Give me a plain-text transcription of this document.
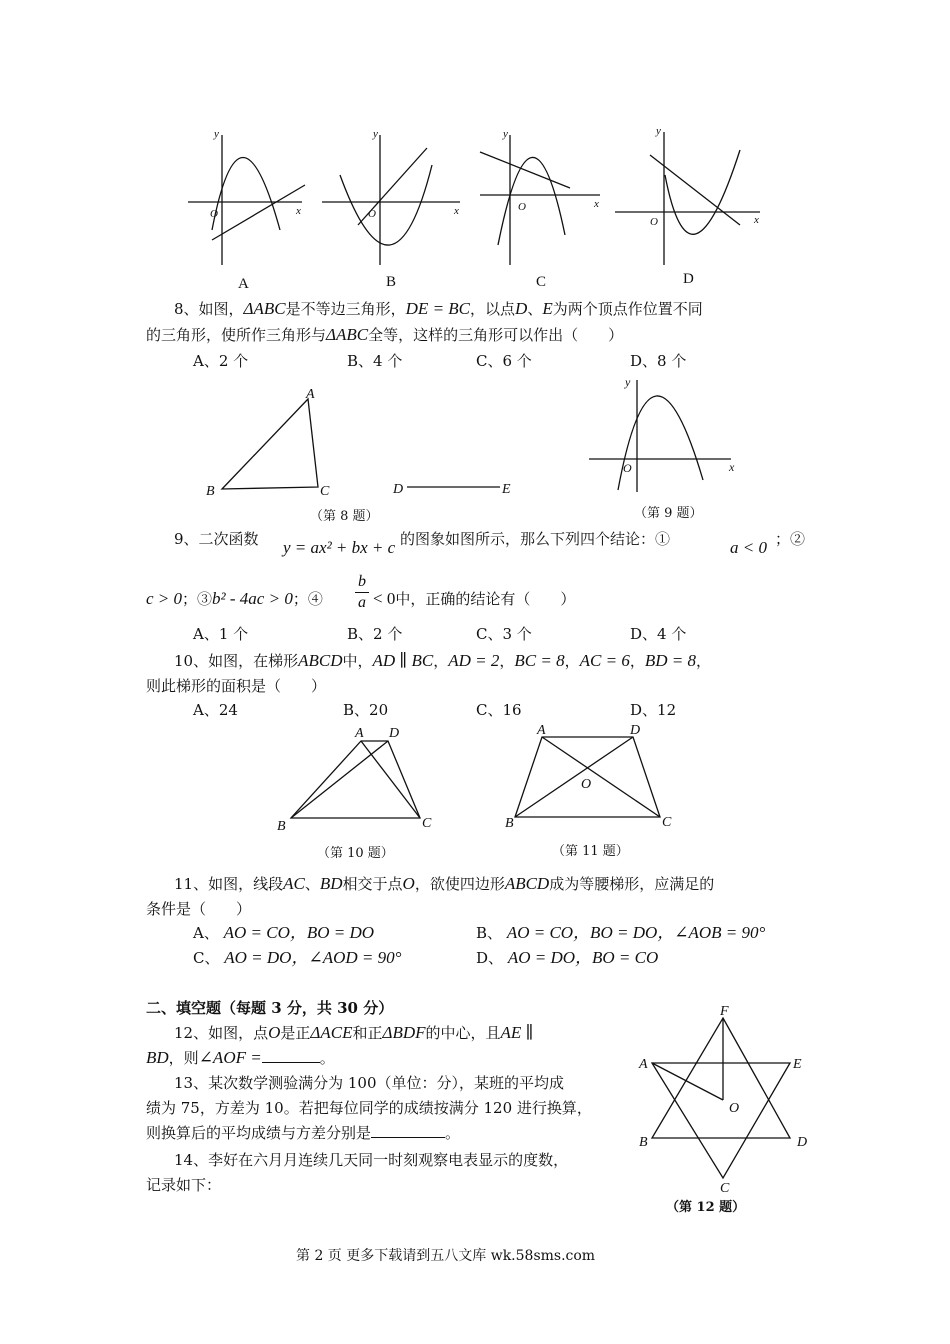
y
x
O
y
x
O
y
x
O
y
x
O
A	B	C	D
8、如图，ΔABC是不等边三角形，DE = BC，以点D、E为两个顶点作位置不同
的三角形，使所作三角形与ΔABC全等，这样的三角形可以作出（　　）
A、2 个	B、4 个	C、6 个	D、8 个
A
B	C	D	E
（第 8 题）
y
x
O
（第 9 题）
9、二次函数 y = ax² + bx + c 的图象如图所示，那么下列四个结论：①	a < 0 ；②
c > 0；③b² - 4ac > 0；④
b
a < 0中，正确的结论有（　　）
A、1 个	B、2 个	C、3 个	D、4 个
10、如图，在梯形ABCD中，AD ∥ BC，AD = 2，BC = 8，AC = 6，BD = 8，
则此梯形的面积是（　　）
A、24	B、20	C、16	D、12
A D
B	C
（第 10 题）
A	D
O
B	C
（第 11 题）
11、如图，线段AC、BD相交于点O，欲使四边形ABCD成为等腰梯形，应满足的
条件是（　　）
A、 AO = CO，BO = DO	B、 AO = CO，BO = DO，∠AOB = 90°
C、 AO = DO，∠AOD = 90°	D、 AO = DO，BO = CO
二、填空题（每题 3 分，共 30 分）
12、如图，点O是正ΔACE和正ΔBDF的中心，且AE ∥
BD，则∠AOF =	。
13、某次数学测验满分为 100（单位：分），某班的平均成
绩为 75，方差为 10。若把每位同学的成绩按满分 120 进行换算，
则换算后的平均成绩与方差分别是	。
14、李好在六月月连续几天同一时刻观察电表显示的度数，
记录如下：
F
A	E
O
B	D
C
（第 12 题）
第 2 页 更多下载请到五八文库 wk.58sms.com
